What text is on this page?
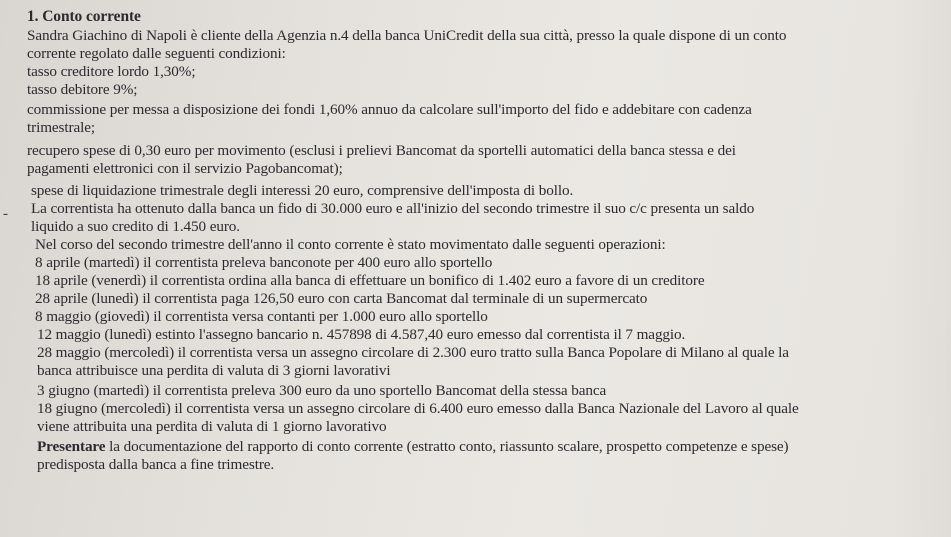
1. Conto corrente
Sandra Giachino di Napoli è cliente della Agenzia n.4 della banca UniCredit della sua città, presso la quale dispone di un conto
corrente regolato dalle seguenti condizioni:
tasso creditore lordo 1,30%;
tasso debitore 9%;
commissione per messa a disposizione dei fondi 1,60% annuo da calcolare sull'importo del fido e addebitare con cadenza
trimestrale;
recupero spese di 0,30 euro per movimento (esclusi i prelievi Bancomat da sportelli automatici della banca stessa e dei
pagamenti elettronici con il servizio Pagobancomat);
-
spese di liquidazione trimestrale degli interessi 20 euro, comprensive dell'imposta di bollo.
La correntista ha ottenuto dalla banca un fido di 30.000 euro e all'inizio del secondo trimestre il suo c/c presenta un saldo
liquido a suo credito di 1.450 euro.
Nel corso del secondo trimestre dell'anno il conto corrente è stato movimentato dalle seguenti operazioni:
8 aprile (martedì) il correntista preleva banconote per 400 euro allo sportello
18 aprile (venerdì) il correntista ordina alla banca di effettuare un bonifico di 1.402 euro a favore di un creditore
28 aprile (lunedì) il correntista paga 126,50 euro con carta Bancomat dal terminale di un supermercato
8 maggio (giovedì) il correntista versa contanti per 1.000 euro allo sportello
12 maggio (lunedì) estinto l'assegno bancario n. 457898 di 4.587,40 euro emesso dal correntista il 7 maggio.
28 maggio (mercoledì) il correntista versa un assegno circolare di 2.300 euro tratto sulla Banca Popolare di Milano al quale la
banca attribuisce una perdita di valuta di 3 giorni lavorativi
3 giugno (martedì) il correntista preleva 300 euro da uno sportello Bancomat della stessa banca
18 giugno (mercoledì) il correntista versa un assegno circolare di 6.400 euro emesso dalla Banca Nazionale del Lavoro al quale
viene attribuita una perdita di valuta di 1 giorno lavorativo
Presentare la documentazione del rapporto di conto corrente (estratto conto, riassunto scalare, prospetto competenze e spese)
predisposta dalla banca a fine trimestre.
